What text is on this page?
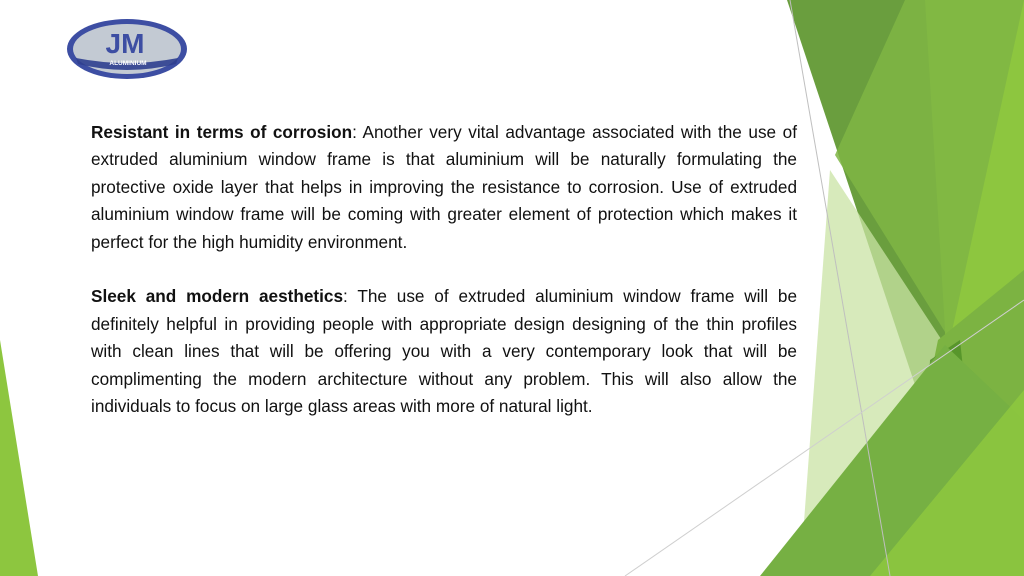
JM
ALUMINIUM

Resistant in terms of corrosion: Another very vital advantage associated with the use of extruded aluminium window frame is that aluminium will be naturally formulating the protective oxide layer that helps in improving the resistance to corrosion. Use of extruded aluminium window frame will be coming with greater element of protection which makes it perfect for the high humidity environment.

Sleek and modern aesthetics: The use of extruded aluminium window frame will be definitely helpful in providing people with appropriate design designing of the thin profiles with clean lines that will be offering you with a very contemporary look that will be complimenting the modern architecture without any problem. This will also allow the individuals to focus on large glass areas with more of natural light.
